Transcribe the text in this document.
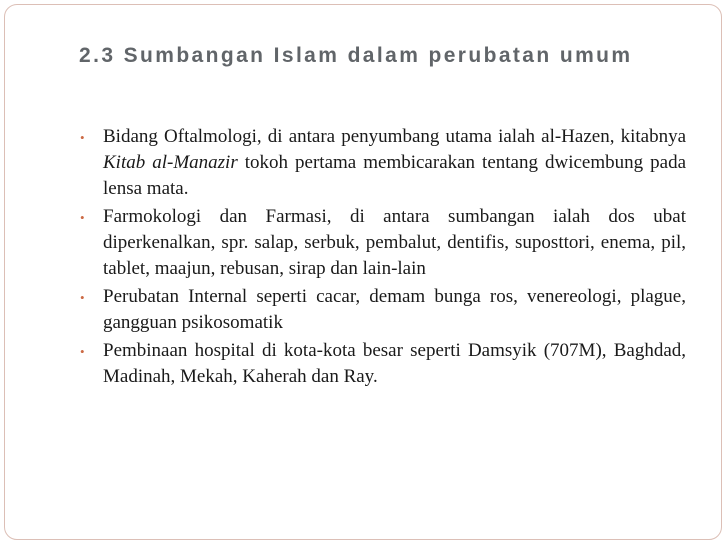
2.3 Sumbangan Islam dalam perubatan umum
• Bidang Oftalmologi, di antara penyumbang utama ialah al-Hazen, kitabnya Kitab al-Manazir tokoh pertama membicarakan tentang dwicembung pada lensa mata.
• Farmokologi dan Farmasi, di antara sumbangan ialah dos ubat diperkenalkan, spr. salap, serbuk, pembalut, dentifis, suposttori, enema, pil, tablet, maajun, rebusan, sirap dan lain-lain
• Perubatan Internal seperti cacar, demam bunga ros, venereologi, plague, gangguan psikosomatik
• Pembinaan hospital di kota-kota besar seperti Damsyik (707M), Baghdad, Madinah, Mekah, Kaherah dan Ray.
